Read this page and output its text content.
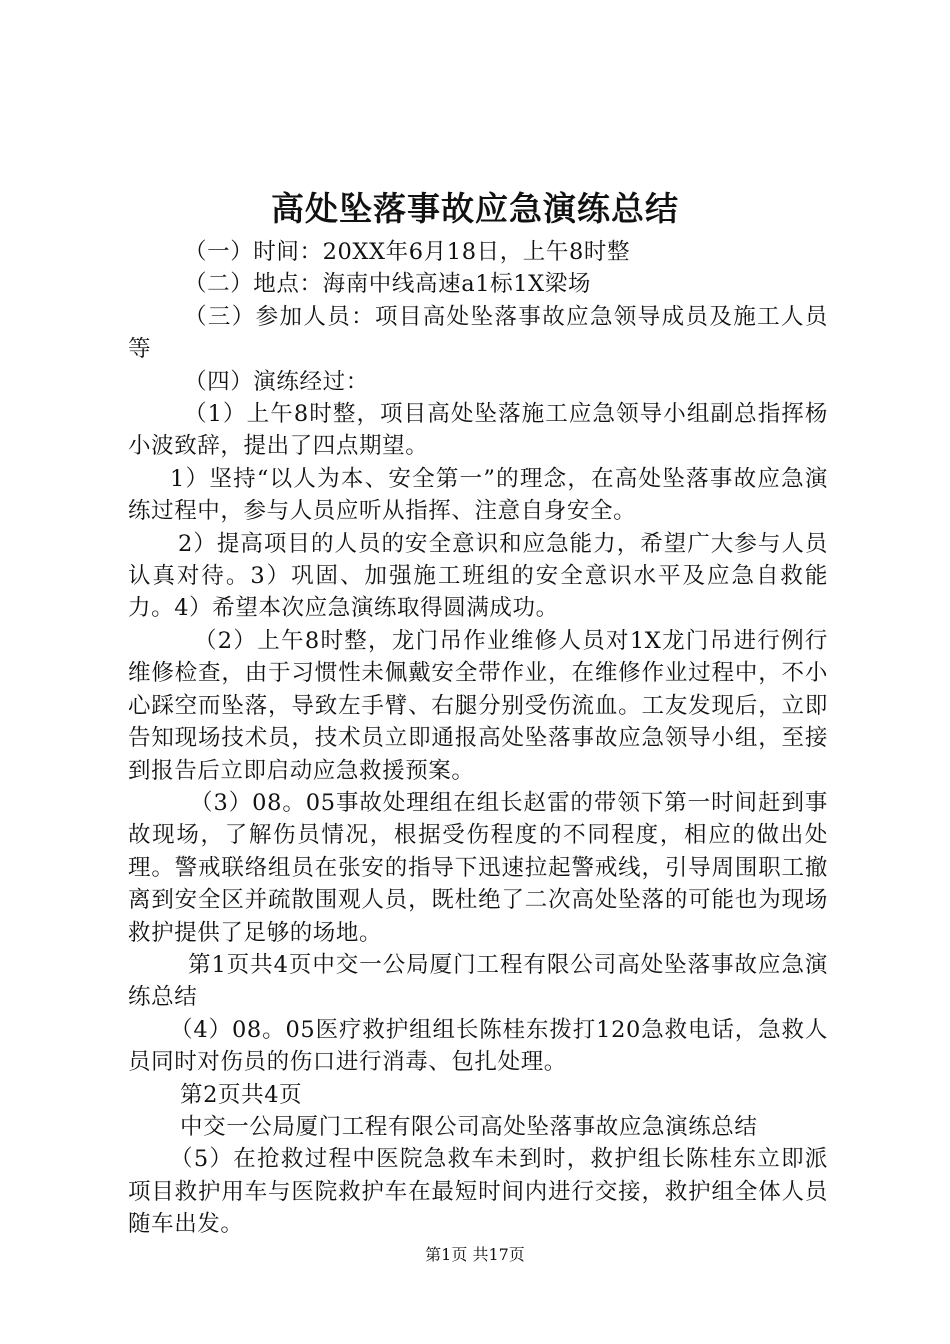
高处坠落事故应急演练总结

（一）时间：20XX年6月18日，上午8时整

（二）地点：海南中线高速a1标1X梁场

（三）参加人员：项目高处坠落事故应急领导成员及施工人员等

（四）演练经过：

（1）上午8时整，项目高处坠落施工应急领导小组副总指挥杨小波致辞，提出了四点期望。

1）坚持“以人为本、安全第一”的理念，在高处坠落事故应急演练过程中，参与人员应听从指挥、注意自身安全。

2）提高项目的人员的安全意识和应急能力，希望广大参与人员认真对待。3）巩固、加强施工班组的安全意识水平及应急自救能力。4）希望本次应急演练取得圆满成功。

（2）上午8时整，龙门吊作业维修人员对1X龙门吊进行例行维修检查，由于习惯性未佩戴安全带作业，在维修作业过程中，不小心踩空而坠落，导致左手臂、右腿分别受伤流血。工友发现后，立即告知现场技术员，技术员立即通报高处坠落事故应急领导小组，至接到报告后立即启动应急救援预案。

（3）08。05事故处理组在组长赵雷的带领下第一时间赶到事故现场，了解伤员情况，根据受伤程度的不同程度，相应的做出处理。警戒联络组员在张安的指导下迅速拉起警戒线，引导周围职工撤离到安全区并疏散围观人员，既杜绝了二次高处坠落的可能也为现场救护提供了足够的场地。

第1页共4页中交一公局厦门工程有限公司高处坠落事故应急演练总结

（4）08。05医疗救护组组长陈桂东拨打120急救电话，急救人员同时对伤员的伤口进行消毒、包扎处理。

第2页共4页

中交一公局厦门工程有限公司高处坠落事故应急演练总结

（5）在抢救过程中医院急救车未到时，救护组长陈桂东立即派项目救护用车与医院救护车在最短时间内进行交接，救护组全体人员随车出发。

第1页 共17页
